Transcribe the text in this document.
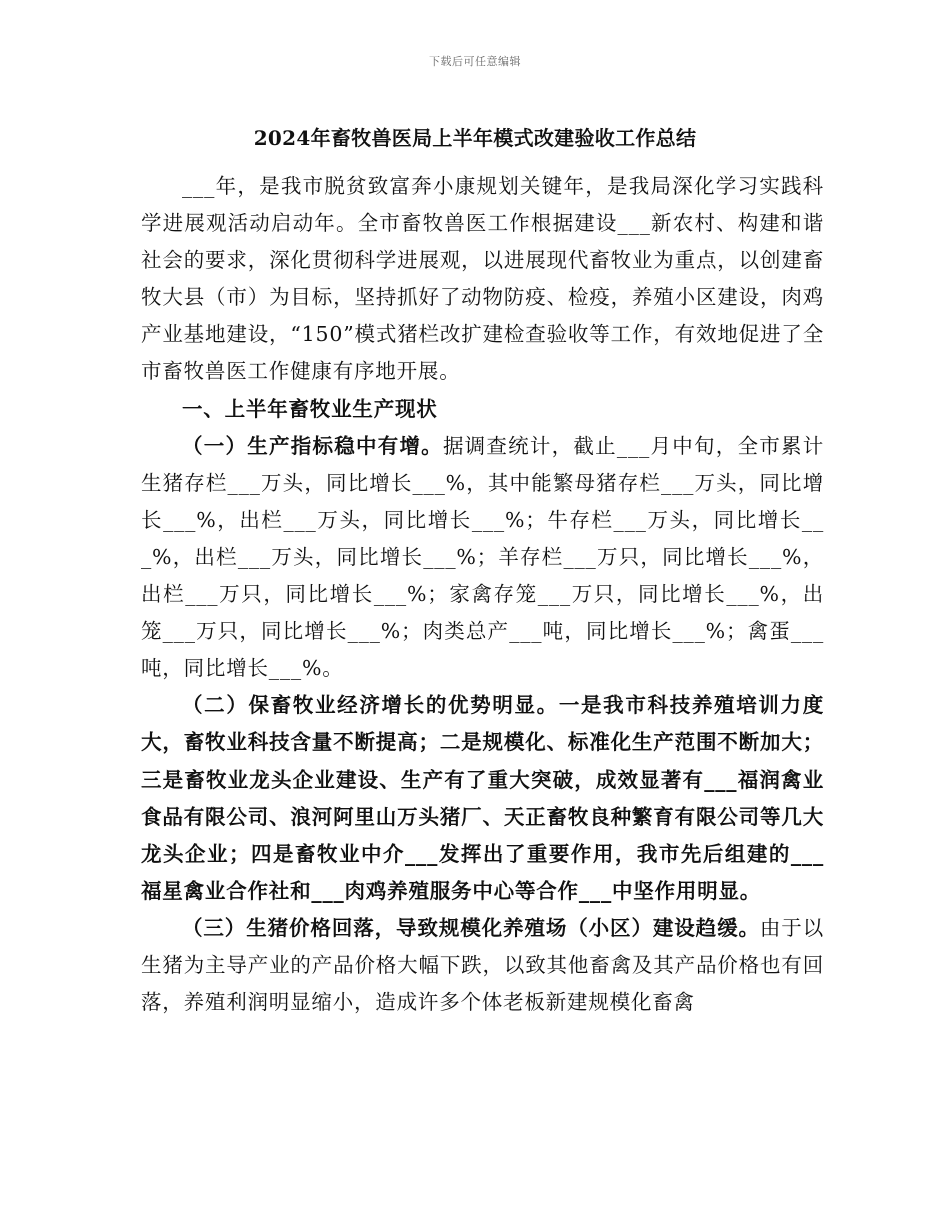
下载后可任意编辑
2024年畜牧兽医局上半年模式改建验收工作总结

___年，是我市脱贫致富奔小康规划关键年，是我局深化学习实践科学进展观活动启动年。全市畜牧兽医工作根据建设___新农村、构建和谐社会的要求，深化贯彻科学进展观，以进展现代畜牧业为重点，以创建畜牧大县（市）为目标，坚持抓好了动物防疫、检疫，养殖小区建设，肉鸡产业基地建设，“150”模式猪栏改扩建检查验收等工作，有效地促进了全市畜牧兽医工作健康有序地开展。

一、上半年畜牧业生产现状

（一）生产指标稳中有增。据调查统计，截止___月中旬，全市累计生猪存栏___万头，同比增长___%，其中能繁母猪存栏___万头，同比增长___%，出栏___万头，同比增长___%；牛存栏___万头，同比增长___%，出栏___万头，同比增长___%；羊存栏___万只，同比增长___%，出栏___万只，同比增长___%；家禽存笼___万只，同比增长___%，出笼___万只，同比增长___%；肉类总产___吨，同比增长___%；禽蛋___吨，同比增长___%。

（二）保畜牧业经济增长的优势明显。一是我市科技养殖培训力度大，畜牧业科技含量不断提高；二是规模化、标准化生产范围不断加大；三是畜牧业龙头企业建设、生产有了重大突破，成效显著有___福润禽业食品有限公司、浪河阿里山万头猪厂、天正畜牧良种繁育有限公司等几大龙头企业；四是畜牧业中介___发挥出了重要作用，我市先后组建的___福星禽业合作社和___肉鸡养殖服务中心等合作___中坚作用明显。

（三）生猪价格回落，导致规模化养殖场（小区）建设趋缓。由于以生猪为主导产业的产品价格大幅下跌，以致其他畜禽及其产品价格也有回落，养殖利润明显缩小，造成许多个体老板新建规模化畜禽
